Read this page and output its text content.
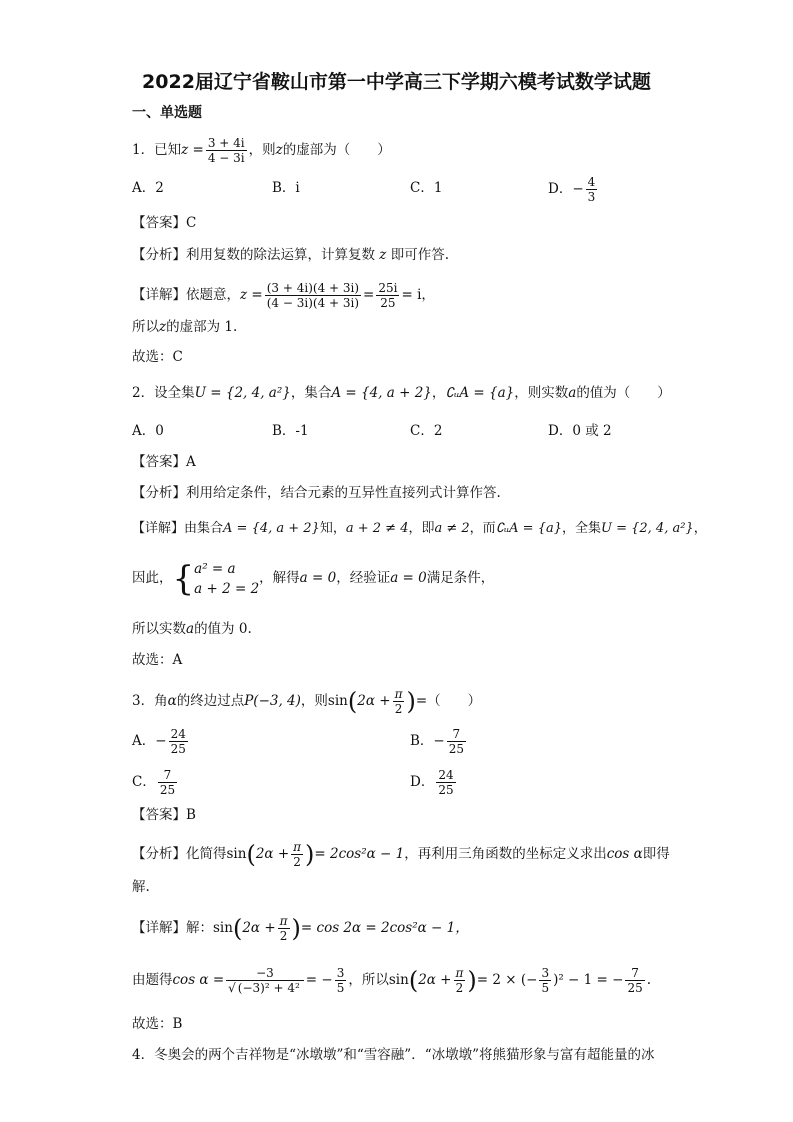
2022届辽宁省鞍山市第一中学高三下学期六模考试数学试题
一、单选题
1．已知$z = \frac{3 + 4i}{4 - 3i}$ ，则z的虚部为（　　）
A．2	B．i	C．1	D．− $\frac{4}{3}$
【答案】C
【分析】利用复数的除法运算，计算复数 z 即可作答.
【详解】依题意，$z = \frac{(3 + 4i)(4 + 3i)}{(4 - 3i)(4 + 3i)} = \frac{25i}{25} = i$，
所以z的虚部为 1.
故选：C
2．设全集U = {2, 4, a²}，集合A = {4, a + 2}，∁ᵤA = {a}，则实数a的值为（　　）
A．0	B．-1	C．2	D．0 或 2
【答案】A
【分析】利用给定条件，结合元素的互异性直接列式计算作答.
【详解】由集合A = {4, a + 2}知，a + 2 ≠ 4，即a ≠ 2，而∁ᵤA = {a}，全集U = {2, 4, a²}，
因此，{a² = a
a + 2 = 2，解得a = 0，经验证a = 0满足条件，
所以实数a的值为 0.
故选：A
3．角α的终边过点P(−3, 4)，则$\sin(2\alpha + \frac{\pi}{2}$ )=（　　）
A．− $\frac{24}{25}$	B．− $\frac{7}{25}$
C． $\frac{7}{25}$	D． $\frac{24}{25}$
【答案】B
【分析】化简得$\sin(2\alpha + \frac{\pi}{2}$ )= 2cos²α − 1，再利用三角函数的坐标定义求出cos α即得
解.
【详解】解：$\sin(2\alpha + \frac{\pi}{2}$ )= cos 2α = 2cos²α − 1，
由题得$\cos \alpha = \frac{-3}{\text{√ (−3)² + 4²}}$ = − $\frac{3}{5}$ ，所以$\sin(2\alpha + \frac{\pi}{2}$ )= 2 × (− $\frac{3}{5} )^2 - 1$ = − $\frac{7}{25}$ .
故选：B
4．冬奥会的两个吉祥物是“冰墩墩”和“雪容融”．“冰墩墩”将熊猫形象与富有超能量的冰
